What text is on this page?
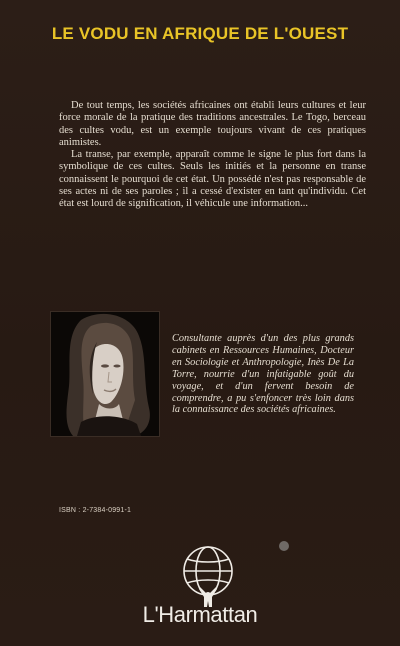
LE VODU EN AFRIQUE DE L'OUEST

De tout temps, les sociétés africaines ont établi leurs cultures et leur force morale de la pratique des traditions ancestrales. Le Togo, berceau des cultes vodu, est un exemple toujours vivant de ces pratiques animistes.

La transe, par exemple, apparaît comme le signe le plus fort dans la symbolique de ces cultes. Seuls les initiés et la personne en transe connaissent le pourquoi de cet état. Un possédé n'est pas responsable de ses actes ni de ses paroles ; il a cessé d'exister en tant qu'individu. Cet état est lourd de signification, il véhicule une information...

Consultante auprès d'un des plus grands cabinets en Ressources Humaines, Docteur en Sociologie et Anthropologie, Inès De La Torre, nourrie d'un infatigable goût du voyage, et d'un fervent besoin de comprendre, a pu s'enfoncer très loin dans la connaissance des sociétés africaines.

ISBN : 2-7384-0991-1
L'Harmattan
